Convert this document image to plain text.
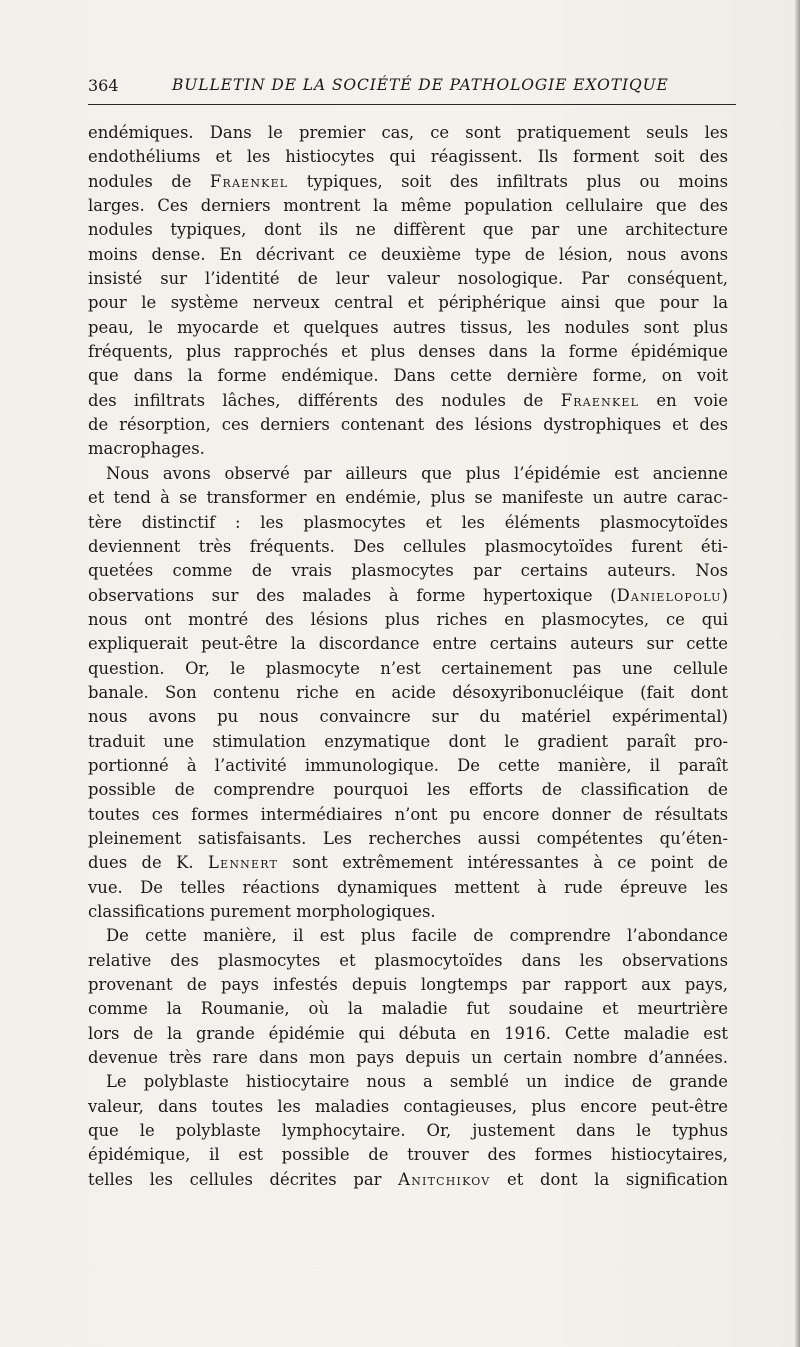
364	BULLETIN DE LA SOCIÉTÉ DE PATHOLOGIE EXOTIQUE
endémiques. Dans le premier cas, ce sont pratiquement seuls les
endothéliums et les histiocytes qui réagissent. Ils forment soit des
nodules de Fraenkel typiques, soit des infiltrats plus ou moins
larges. Ces derniers montrent la même population cellulaire que des
nodules typiques, dont ils ne diffèrent que par une architecture
moins dense. En décrivant ce deuxième type de lésion, nous avons
insisté sur l’identité de leur valeur nosologique. Par conséquent,
pour le système nerveux central et périphérique ainsi que pour la
peau, le myocarde et quelques autres tissus, les nodules sont plus
fréquents, plus rapprochés et plus denses dans la forme épidémique
que dans la forme endémique. Dans cette dernière forme, on voit
des infiltrats lâches, différents des nodules de Fraenkel en voie
de résorption, ces derniers contenant des lésions dystrophiques et des
macrophages.
Nous avons observé par ailleurs que plus l’épidémie est ancienne
et tend à se transformer en endémie, plus se manifeste un autre carac-
tère distinctif : les plasmocytes et les éléments plasmocytoïdes
deviennent très fréquents. Des cellules plasmocytoïdes furent éti-
quetées comme de vrais plasmocytes par certains auteurs. Nos
observations sur des malades à forme hypertoxique (Danielopolu)
nous ont montré des lésions plus riches en plasmocytes, ce qui
expliquerait peut-être la discordance entre certains auteurs sur cette
question. Or, le plasmocyte n’est certainement pas une cellule
banale. Son contenu riche en acide désoxyribonucléique (fait dont
nous avons pu nous convaincre sur du matériel expérimental)
traduit une stimulation enzymatique dont le gradient paraît pro-
portionné à l’activité immunologique. De cette manière, il paraît
possible de comprendre pourquoi les efforts de classification de
toutes ces formes intermédiaires n’ont pu encore donner de résultats
pleinement satisfaisants. Les recherches aussi compétentes qu’éten-
dues de K. Lennert sont extrêmement intéressantes à ce point de
vue. De telles réactions dynamiques mettent à rude épreuve les
classifications purement morphologiques.
De cette manière, il est plus facile de comprendre l’abondance
relative des plasmocytes et plasmocytoïdes dans les observations
provenant de pays infestés depuis longtemps par rapport aux pays,
comme la Roumanie, où la maladie fut soudaine et meurtrière
lors de la grande épidémie qui débuta en 1916. Cette maladie est
devenue très rare dans mon pays depuis un certain nombre d’années.
Le polyblaste histiocytaire nous a semblé un indice de grande
valeur, dans toutes les maladies contagieuses, plus encore peut-être
que le polyblaste lymphocytaire. Or, justement dans le typhus
épidémique, il est possible de trouver des formes histiocytaires,
telles les cellules décrites par Anitchikov et dont la signification
